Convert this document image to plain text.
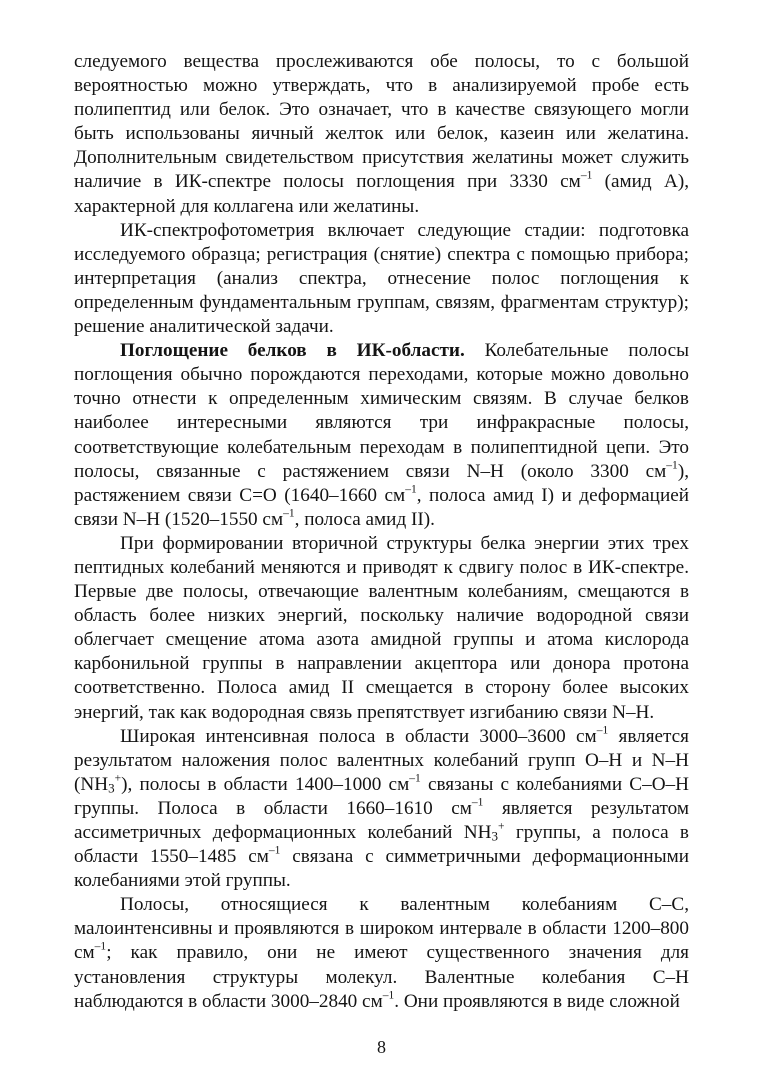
следуемого вещества прослеживаются обе полосы, то с большой вероятностью можно утверждать, что в анализируемой пробе есть полипептид или белок. Это означает, что в качестве связующего могли быть использованы яичный желток или белок, казеин или желатина. Дополнительным свидетельством присутствия желатины может служить наличие в ИК-спектре полосы поглощения при 3330 $см^{-1}$ (амид А), характерной для коллагена или желатины.

ИК-спектрофотометрия включает следующие стадии: подготовка исследуемого образца; регистрация (снятие) спектра с помощью прибора; интерпретация (анализ спектра, отнесение полос поглощения к определенным фундаментальным группам, связям, фрагментам структур); решение аналитической задачи.

Поглощение белков в ИК-области. Колебательные полосы поглощения обычно порождаются переходами, которые можно довольно точно отнести к определенным химическим связям. В случае белков наиболее интересными являются три инфракрасные полосы, соответствующие колебательным переходам в полипептидной цепи. Это полосы, связанные с растяжением связи N–H (около 3300 $см^{-1}$), растяжением связи C=O (1640–1660 $см^{-1}$, полоса амид I) и деформацией связи N–H (1520–1550 $см^{-1}$, полоса амид II).

При формировании вторичной структуры белка энергии этих трех пептидных колебаний меняются и приводят к сдвигу полос в ИК-спектре. Первые две полосы, отвечающие валентным колебаниям, смещаются в область более низких энергий, поскольку наличие водородной связи облегчает смещение атома азота амидной группы и атома кислорода карбонильной группы в направлении акцептора или донора протона соответственно. Полоса амид II смещается в сторону более высоких энергий, так как водородная связь препятствует изгибанию связи N–H.

Широкая интенсивная полоса в области 3000–3600 $см^{-1}$ является результатом наложения полос валентных колебаний групп O–H и N–H $(NH_3^+)$, полосы в области 1400–1000 $см^{-1}$ связаны с колебаниями C–O–H группы. Полоса в области 1660–1610 $см^{-1}$ является результатом ассиметричных деформационных колебаний $NH_3^+$ группы, а полоса в области 1550–1485 $см^{-1}$ связана с симметричными деформационными колебаниями этой группы.

Полосы, относящиеся к валентным колебаниям C–C, малоинтенсивны и проявляются в широком интервале в области 1200–800 $см^{-1}$; как правило, они не имеют существенного значения для установления структуры молекул. Валентные колебания C–H наблюдаются в области 3000–2840 $см^{-1}$. Они проявляются в виде сложной

8
